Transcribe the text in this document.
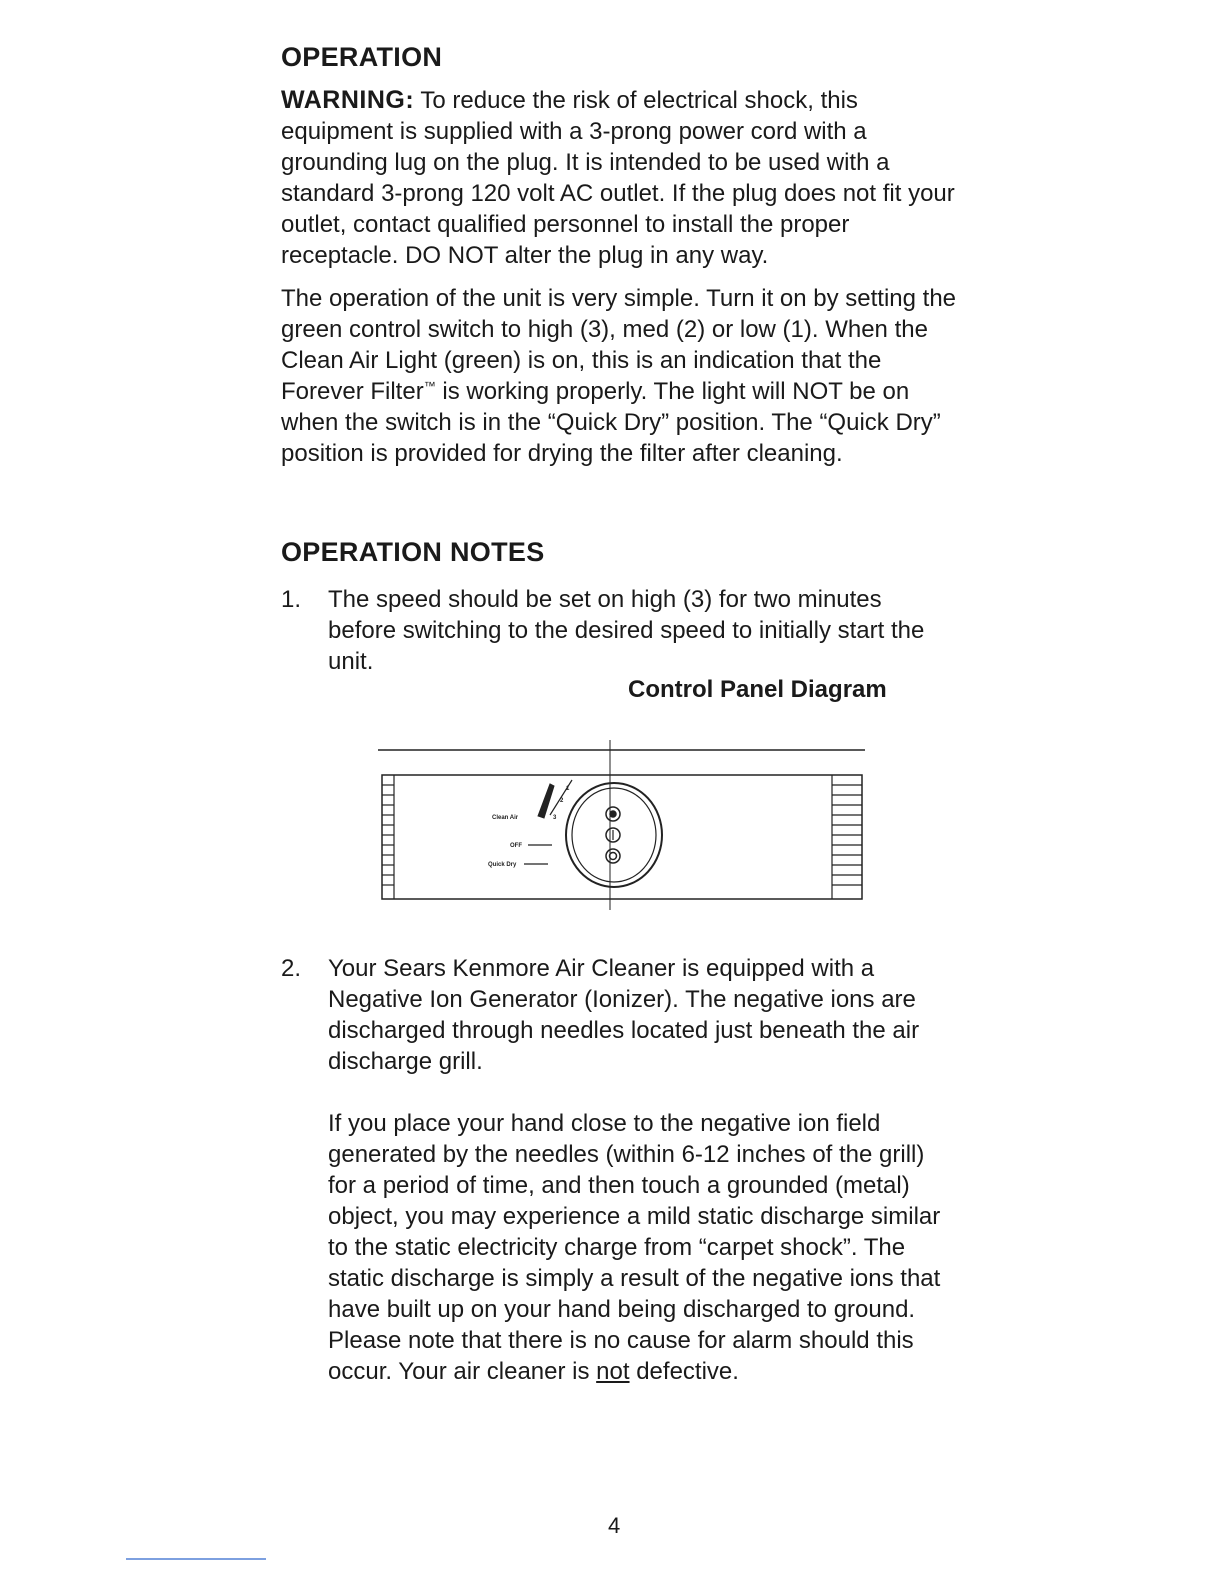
OPERATION

WARNING: To reduce the risk of electrical shock, this equipment is supplied with a 3-prong power cord with a grounding lug on the plug. It is intended to be used with a standard 3-prong 120 volt AC outlet. If the plug does not fit your outlet, contact qualified personnel to install the proper receptacle. DO NOT alter the plug in any way.

The operation of the unit is very simple. Turn it on by setting the green control switch to high (3), med (2) or low (1). When the Clean Air Light (green) is on, this is an indication that the Forever Filter™ is working properly. The light will NOT be on when the switch is in the “Quick Dry” position. The “Quick Dry” position is provided for drying the filter after cleaning.

OPERATION NOTES
1. The speed should be set on high (3) for two minutes before switching to the desired speed to initially start the unit.

Control Panel Diagram
Clean Air
OFF
Quick Dry
1
2
3
2. Your Sears Kenmore Air Cleaner is equipped with a Negative Ion Generator (Ionizer). The negative ions are discharged through needles located just beneath the air discharge grill.

If you place your hand close to the negative ion field generated by the needles (within 6-12 inches of the grill) for a period of time, and then touch a grounded (metal) object, you may experience a mild static discharge similar to the static electricity charge from “carpet shock”. The static discharge is simply a result of the negative ions that have built up on your hand being discharged to ground.

Please note that there is no cause for alarm should this occur. Your air cleaner is not defective.

4
